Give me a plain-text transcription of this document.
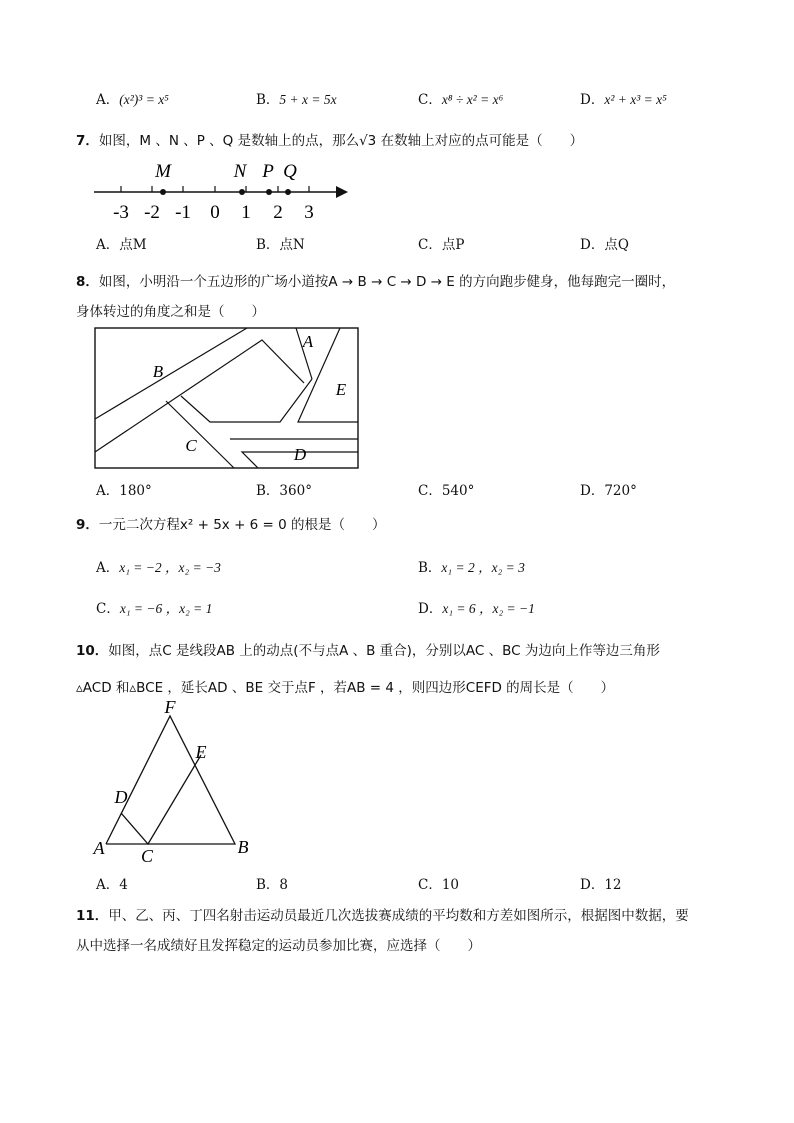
A．(x²)³ = x⁵	B．5 + x = 5x	C．x⁸ ÷ x² = x⁶	D．x² + x³ = x⁵
7．如图，M 、N 、P 、Q 是数轴上的点，那么√3 在数轴上对应的点可能是（　　）
M	N P Q
-3 -2 -1 0 1 2 3
A．点M	B．点N	C．点P	D．点Q
8．如图，小明沿一个五边形的广场小道按A → B → C → D → E 的方向跑步健身，他每跑完一圈时，
身体转过的角度之和是（　　）
A
B
C	D
E
A．180°	B．360°	C．540°	D．720°
9．一元二次方程x² + 5x + 6 = 0 的根是（　　）
A．x₁ = −2 ，x₂ = −3	B．x₁ = 2 ，x₂ = 3
C．x₁ = −6 ，x₂ = 1	D．x₁ = 6 ，x₂ = −1
10．如图，点C 是线段AB 上的动点(不与点A 、B 重合)，分别以AC 、BC 为边向上作等边三角形
▵ACD 和▵BCE ，延长AD 、BE 交于点F ，若AB = 4 ，则四边形CEFD 的周长是（　　）
F
E
D
A C	B
A．4	B．8	C．10	D．12
11．甲、乙、丙、丁四名射击运动员最近几次选拔赛成绩的平均数和方差如图所示，根据图中数据，要
从中选择一名成绩好且发挥稳定的运动员参加比赛，应选择（　　）
